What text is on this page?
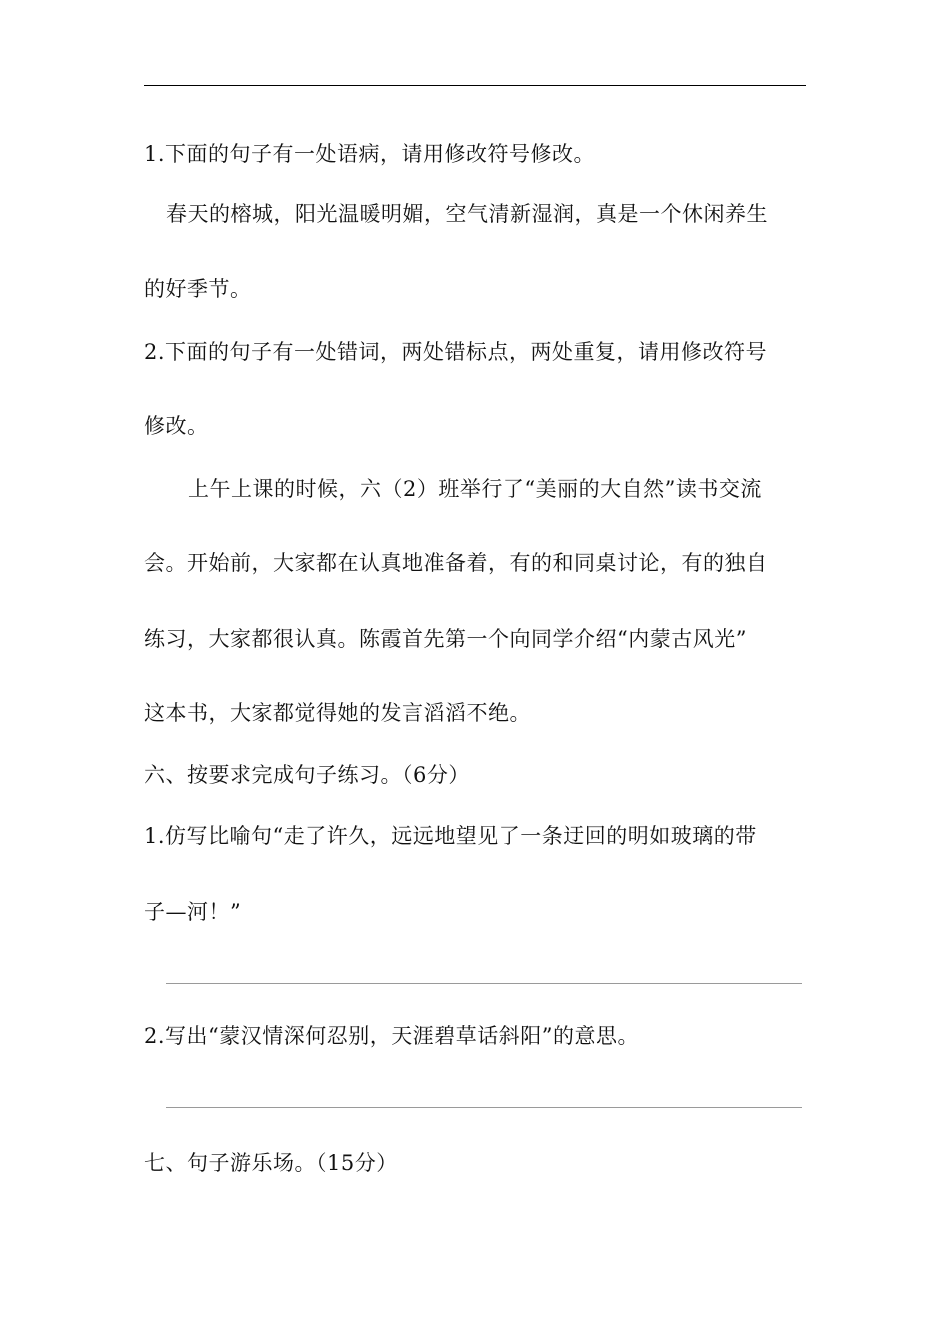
1.下面的句子有一处语病，请用修改符号修改。
春天的榕城，阳光温暖明媚，空气清新湿润，真是一个休闲养生
的好季节。
2.下面的句子有一处错词，两处错标点，两处重复，请用修改符号
修改。
上午上课的时候，六（2）班举行了“美丽的大自然”读书交流
会。开始前，大家都在认真地准备着，有的和同桌讨论，有的独自
练习，大家都很认真。陈霞首先第一个向同学介绍“内蒙古风光”
这本书，大家都觉得她的发言滔滔不绝。
六、按要求完成句子练习。（6分）
1.仿写比喻句“走了许久，远远地望见了一条迂回的明如玻璃的带
子—河！”
2.写出“蒙汉情深何忍别，天涯碧草话斜阳”的意思。
七、句子游乐场。（15分）
